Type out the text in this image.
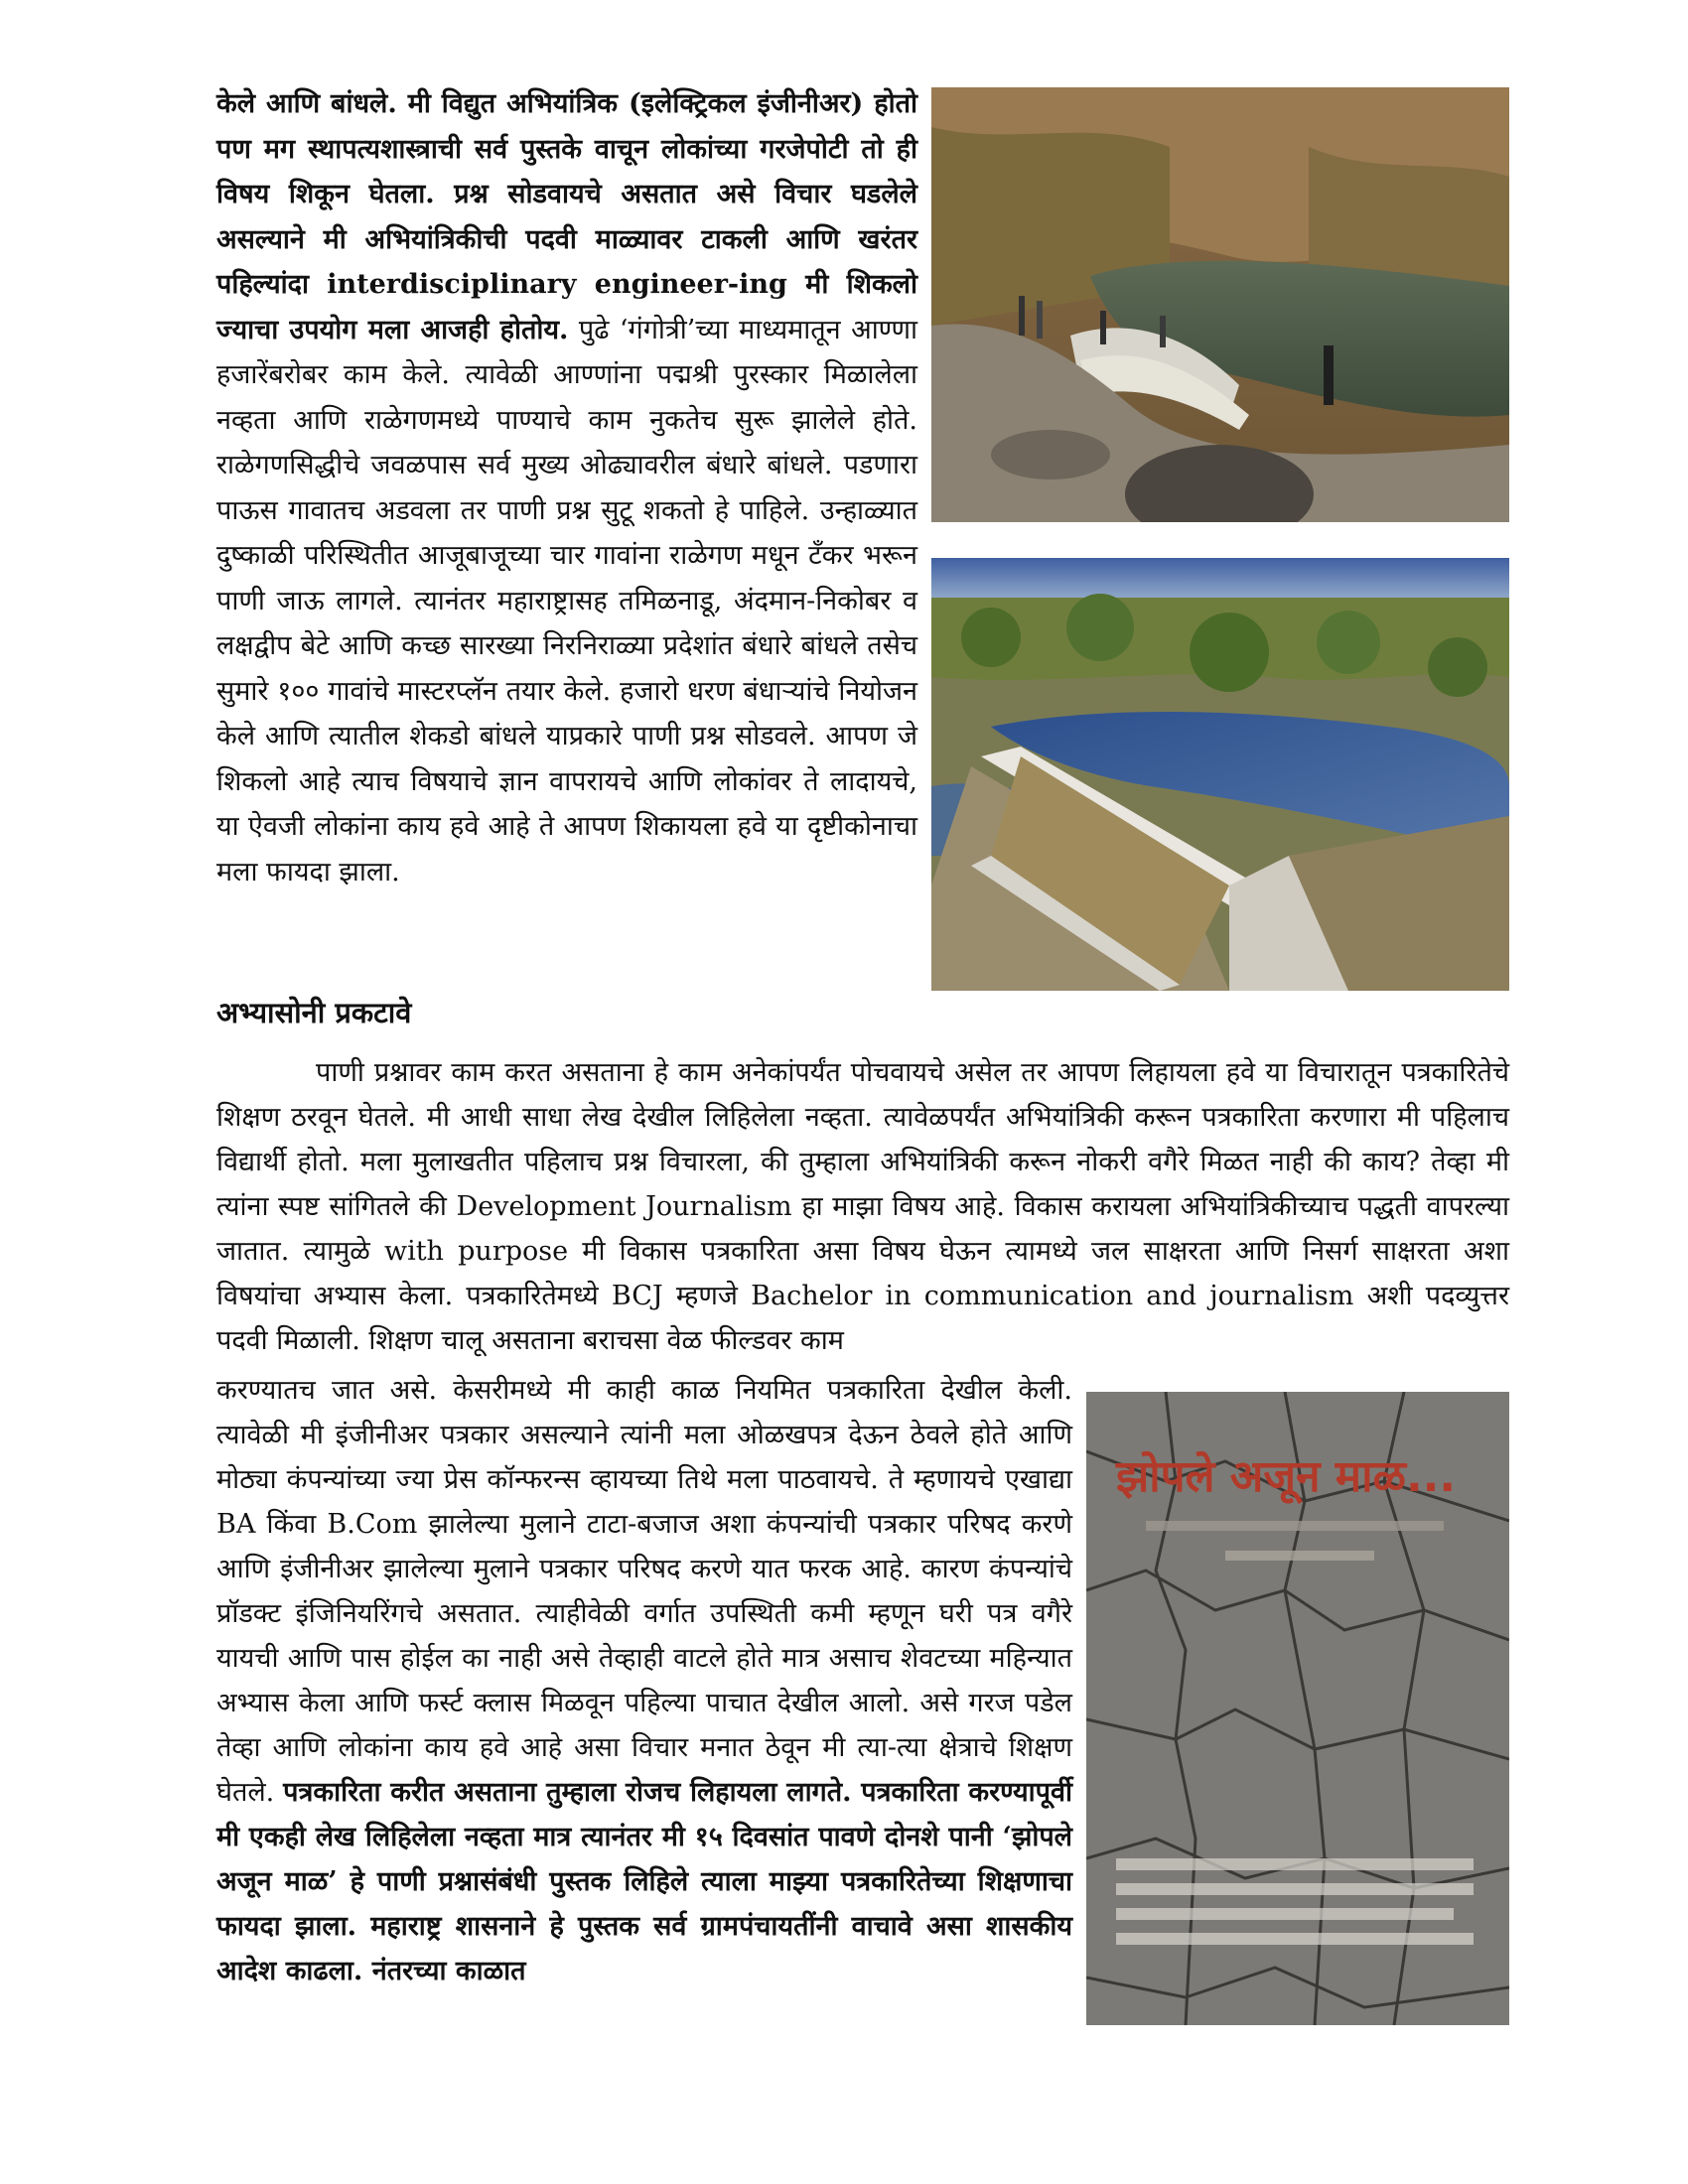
केले आणि बांधले. मी विद्युत अभियांत्रिक (इलेक्ट्रिकल इंजीनीअर) होतो पण मग स्थापत्यशास्त्राची सर्व पुस्तके वाचून लोकांच्या गरजेपोटी तो ही विषय शिकून घेतला. प्रश्न सोडवायचे असतात असे विचार घडलेले असल्याने मी अभियांत्रिकीची पदवी माळ्यावर टाकली आणि खरंतर पहिल्यांदा interdisciplinary engineer-ing मी शिकलो ज्याचा उपयोग मला आजही होतोय. पुढे ‘गंगोत्री’च्या माध्यमातून आण्णा हजारेंबरोबर काम केले. त्यावेळी आण्णांना पद्मश्री पुरस्कार मिळालेला नव्हता आणि राळेगणमध्ये पाण्याचे काम नुकतेच सुरू झालेले होते. राळेगणसिद्धीचे जवळपास सर्व मुख्य ओढ्यावरील बंधारे बांधले. पडणारा पाऊस गावातच अडवला तर पाणी प्रश्न सुटू शकतो हे पाहिले. उन्हाळ्यात दुष्काळी परिस्थितीत आजूबाजूच्या चार गावांना राळेगण मधून टँकर भरून पाणी जाऊ लागले. त्यानंतर महाराष्ट्रासह तमिळनाडू, अंदमान-निकोबर व लक्षद्वीप बेटे आणि कच्छ सारख्या निरनिराळ्या प्रदेशांत बंधारे बांधले तसेच सुमारे १०० गावांचे मास्टरप्लॅन तयार केले. हजारो धरण बंधाऱ्यांचे नियोजन केले आणि त्यातील शेकडो बांधले याप्रकारे पाणी प्रश्न सोडवले. आपण जे शिकलो आहे त्याच विषयाचे ज्ञान वापरायचे आणि लोकांवर ते लादायचे, या ऐवजी लोकांना काय हवे आहे ते आपण शिकायला हवे या दृष्टीकोनाचा मला फायदा झाला.

अभ्यासोनी प्रकटावे

पाणी प्रश्नावर काम करत असताना हे काम अनेकांपर्यंत पोचवायचे असेल तर आपण लिहायला हवे या विचारातून पत्रकारितेचे शिक्षण ठरवून घेतले. मी आधी साधा लेख देखील लिहिलेला नव्हता. त्यावेळपर्यंत अभियांत्रिकी करून पत्रकारिता करणारा मी पहिलाच विद्यार्थी होतो. मला मुलाखतीत पहिलाच प्रश्न विचारला, की तुम्हाला अभियांत्रिकी करून नोकरी वगैरे मिळत नाही की काय? तेव्हा मी त्यांना स्पष्ट सांगितले की Development Journalism हा माझा विषय आहे. विकास करायला अभियांत्रिकीच्याच पद्धती वापरल्या जातात. त्यामुळे with purpose मी विकास पत्रकारिता असा विषय घेऊन त्यामध्ये जल साक्षरता आणि निसर्ग साक्षरता अशा विषयांचा अभ्यास केला. पत्रकारितेमध्ये BCJ म्हणजे Bachelor in communication and journalism अशी पदव्युत्तर पदवी मिळाली. शिक्षण चालू असताना बराचसा वेळ फील्डवर काम

करण्यातच जात असे. केसरीमध्ये मी काही काळ नियमित पत्रकारिता देखील केली. त्यावेळी मी इंजीनीअर पत्रकार असल्याने त्यांनी मला ओळखपत्र देऊन ठेवले होते आणि मोठ्या कंपन्यांच्या ज्या प्रेस कॉन्फरन्स व्हायच्या तिथे मला पाठवायचे. ते म्हणायचे एखाद्या BA किंवा B.Com झालेल्या मुलाने टाटा-बजाज अशा कंपन्यांची पत्रकार परिषद करणे आणि इंजीनीअर झालेल्या मुलाने पत्रकार परिषद करणे यात फरक आहे. कारण कंपन्यांचे प्रॉडक्ट इंजिनियरिंगचे असतात. त्याहीवेळी वर्गात उपस्थिती कमी म्हणून घरी पत्र वगैरे यायची आणि पास होईल का नाही असे तेव्हाही वाटले होते मात्र असाच शेवटच्या महिन्यात अभ्यास केला आणि फर्स्ट क्लास मिळवून पहिल्या पाचात देखील आलो. असे गरज पडेल तेव्हा आणि लोकांना काय हवे आहे असा विचार मनात ठेवून मी त्या-त्या क्षेत्राचे शिक्षण घेतले. पत्रकारिता करीत असताना तुम्हाला रोजच लिहायला लागते. पत्रकारिता करण्यापूर्वी मी एकही लेख लिहिलेला नव्हता मात्र त्यानंतर मी १५ दिवसांत पावणे दोनशे पानी ‘झोपले अजून माळ’ हे पाणी प्रश्नासंबंधी पुस्तक लिहिले त्याला माझ्या पत्रकारितेच्या शिक्षणाचा फायदा झाला. महाराष्ट्र शासनाने हे पुस्तक सर्व ग्रामपंचायतींनी वाचावे असा शासकीय आदेश काढला. नंतरच्या काळात

झोपले अजून माळ...
